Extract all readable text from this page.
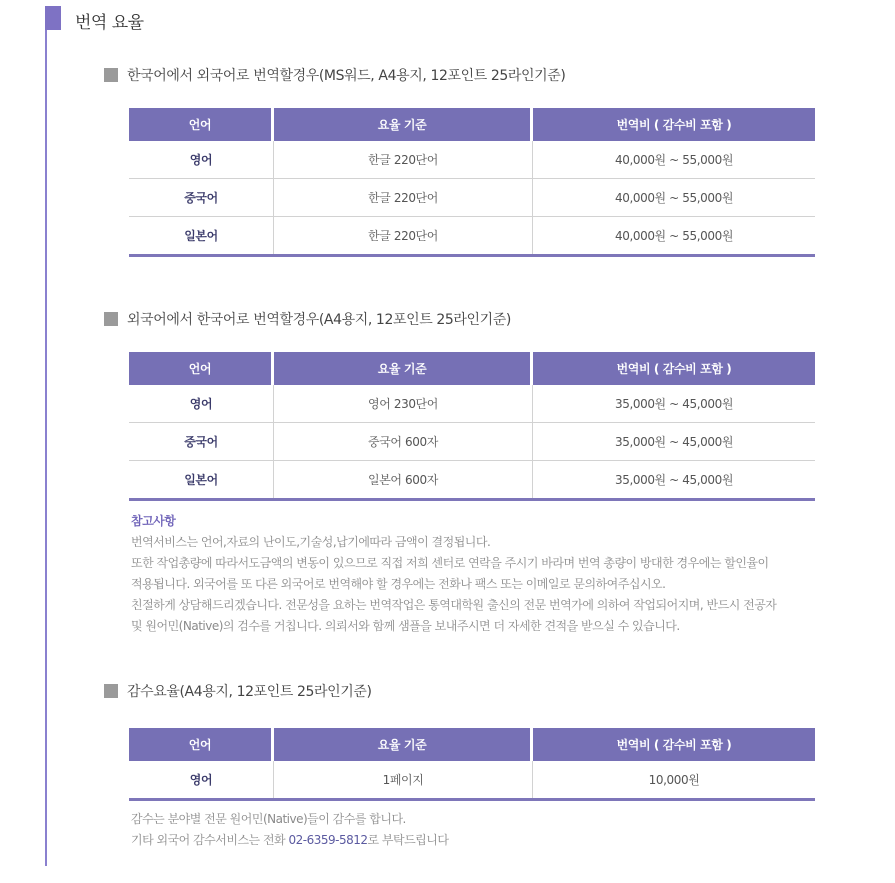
번역 요율
한국어에서 외국어로 번역할경우(MS워드, A4용지, 12포인트 25라인기준)
언어	요율 기준	번역비 ( 감수비 포함 )
영어	한글 220단어	40,000원 ~ 55,000원
중국어	한글 220단어	40,000원 ~ 55,000원
일본어	한글 220단어	40,000원 ~ 55,000원
외국어에서 한국어로 번역할경우(A4용지, 12포인트 25라인기준)
언어	요율 기준	번역비 ( 감수비 포함 )
영어	영어 230단어	35,000원 ~ 45,000원
중국어	중국어 600자	35,000원 ~ 45,000원
일본어	일본어 600자	35,000원 ~ 45,000원
참고사항
번역서비스는 언어,자료의 난이도,기술성,납기에따라 금액이 결정됩니다.
또한 작업총량에 따라서도금액의 변동이 있으므로 직접 저희 센터로 연락을 주시기 바라며 번역 총량이 방대한 경우에는 할인율이
적용됩니다. 외국어를 또 다른 외국어로 번역해야 할 경우에는 전화나 팩스 또는 이메일로 문의하여주십시오.
친절하게 상담해드리겠습니다. 전문성을 요하는 번역작업은 통역대학원 출신의 전문 번역가에 의하여 작업되어지며, 반드시 전공자
및 원어민(Native)의 검수를 거칩니다. 의뢰서와 함께 샘플을 보내주시면 더 자세한 견적을 받으실 수 있습니다.
감수요율(A4용지, 12포인트 25라인기준)
언어	요율 기준	번역비 ( 감수비 포함 )
영어	1페이지	10,000원
감수는 분야별 전문 원어민(Native)들이 감수를 합니다.
기타 외국어 감수서비스는 전화 02-6359-5812로 부탁드립니다
